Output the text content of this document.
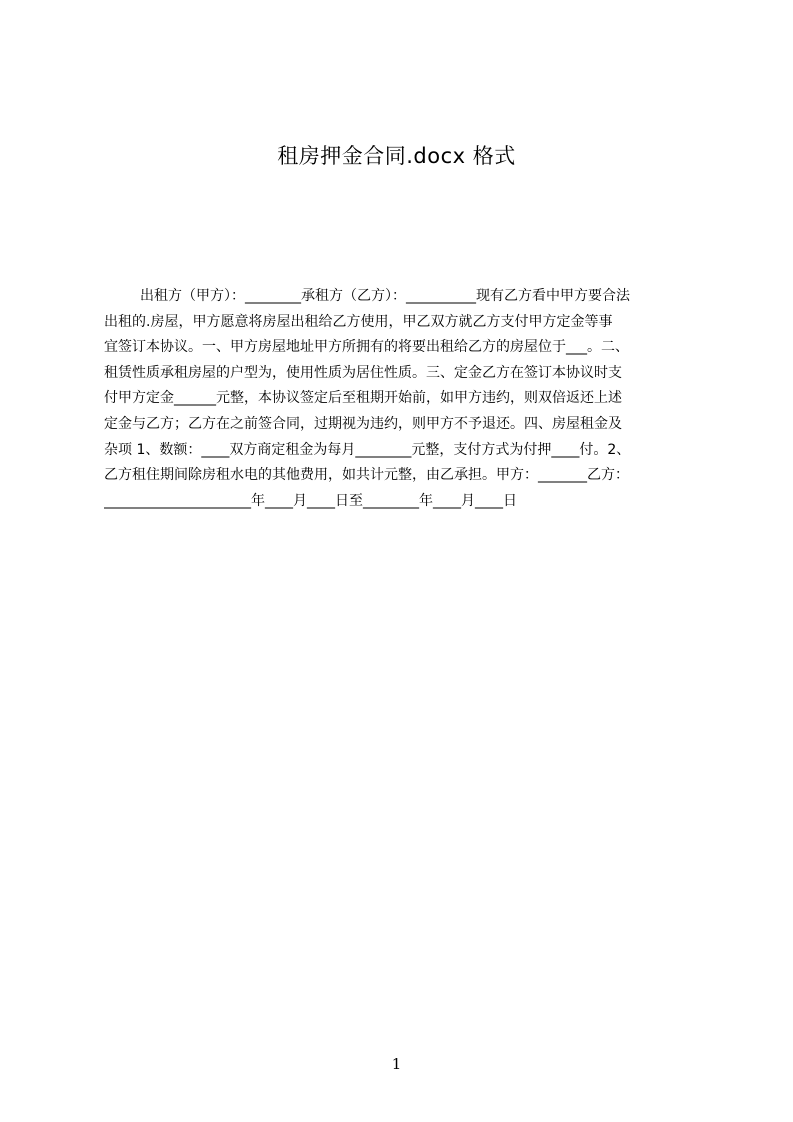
租房押金合同.docx 格式
出租方（甲方）：________承租方（乙方）：__________现有乙方看中甲方要合法
出租的.房屋，甲方愿意将房屋出租给乙方使用，甲乙双方就乙方支付甲方定金等事
宜签订本协议。一、甲方房屋地址甲方所拥有的将要出租给乙方的房屋位于___。二、
租赁性质承租房屋的户型为，使用性质为居住性质。三、定金乙方在签订本协议时支
付甲方定金______元整，本协议签定后至租期开始前，如甲方违约，则双倍返还上述
定金与乙方；乙方在之前签合同，过期视为违约，则甲方不予退还。四、房屋租金及
杂项 1、数额：____双方商定租金为每月________元整，支付方式为付押____付。2、
乙方租住期间除房租水电的其他费用，如共计元整，由乙承担。甲方：_______乙方：
_____________________年____月____日至________年____月____日
1
